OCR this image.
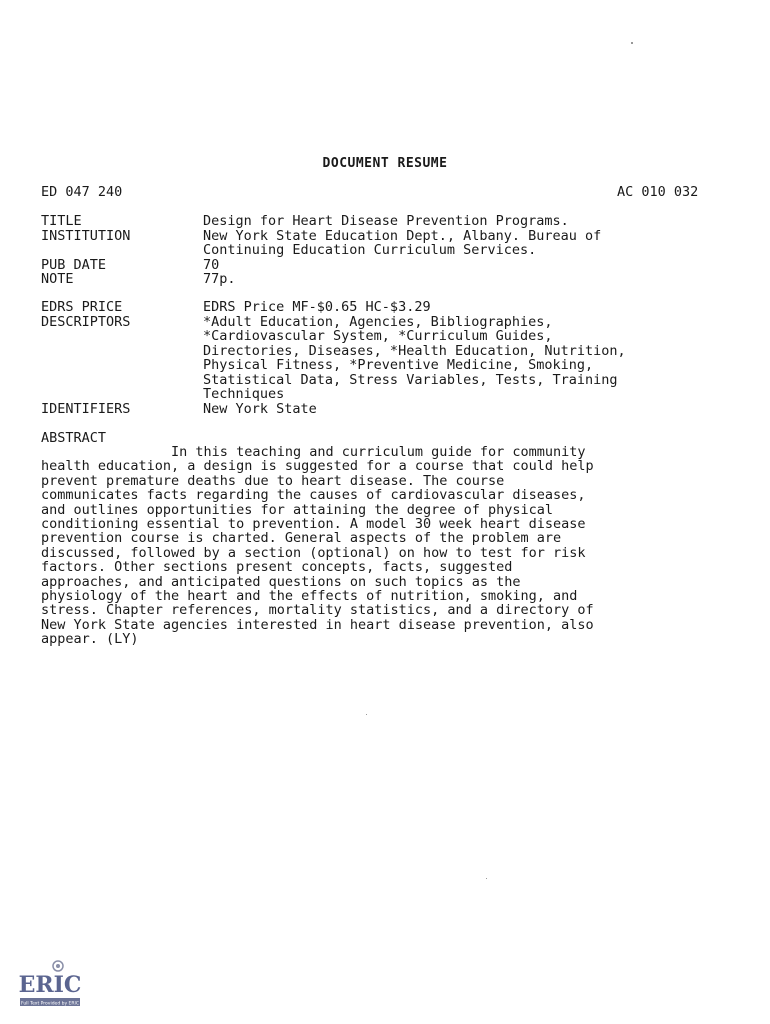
DOCUMENT RESUME
ED 047 240	AC 010 032
TITLE	Design for Heart Disease Prevention Programs.
INSTITUTION	New York State Education Dept., Albany. Bureau of
Continuing Education Curriculum Services.
PUB DATE	70
NOTE	77p.
EDRS PRICE	EDRS Price MF-$0.65 HC-$3.29
DESCRIPTORS	*Adult Education, Agencies, Bibliographies,
*Cardiovascular System, *Curriculum Guides,
Directories, Diseases, *Health Education, Nutrition,
Physical Fitness, *Preventive Medicine, Smoking,
Statistical Data, Stress Variables, Tests, Training
Techniques
IDENTIFIERS	New York State
ABSTRACT
In this teaching and curriculum guide for community
health education, a design is suggested for a course that could help
prevent premature deaths due to heart disease. The course
communicates facts regarding the causes of cardiovascular diseases,
and outlines opportunities for attaining the degree of physical
conditioning essential to prevention. A model 30 week heart disease
prevention course is charted. General aspects of the problem are
discussed, followed by a section (optional) on how to test for risk
factors. Other sections present concepts, facts, suggested
approaches, and anticipated questions on such topics as the
physiology of the heart and the effects of nutrition, smoking, and
stress. Chapter references, mortality statistics, and a directory of
New York State agencies interested in heart disease prevention, also
appear. (LY)
ERIC
Full Text Provided by ERIC
